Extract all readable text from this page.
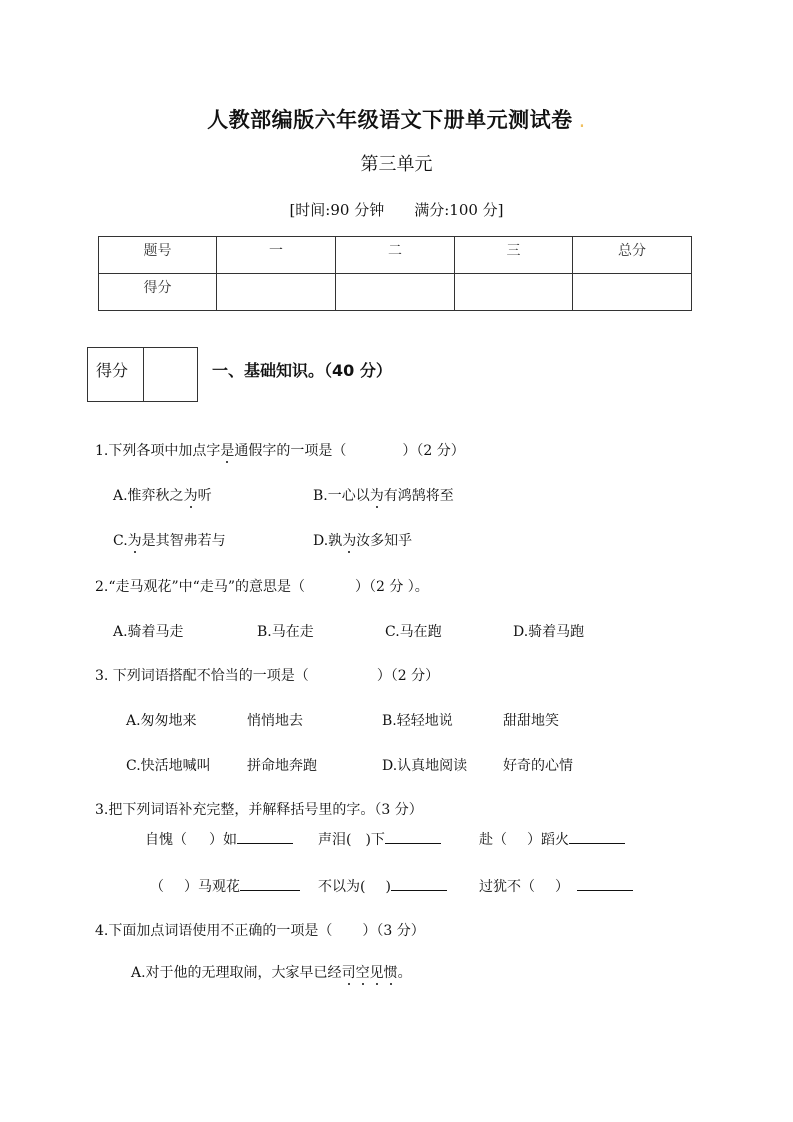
人教部编版六年级语文下册单元测试卷 .
第三单元
[时间:90 分钟 满分:100 分]
题号	一	二	三	总分
得分				
得分	一、基础知识。（40 分）
1.下列各项中加点字是通假字的一项是（	）（2 分）
A.惟弈秋之为听	B.一心以为有鸿鹄将至
C.为是其智弗若与	D.孰为汝多知乎
2.“走马观花”中“走马”的意思是（	）（2 分 ）。
A.骑着马走	B.马在走	C.马在跑	D.骑着马跑
3. 下列词语搭配不恰当的一项是（	）（2 分）
A.匆匆地来	悄悄地去	B.轻轻地说	甜甜地笑
C.快活地喊叫	拼命地奔跑	D.认真地阅读	好奇的心情
3.把下列词语补充完整，并解释括号里的字。（3 分）
自愧（ ）如	声泪( )下	赴（ ）蹈火
（ ）马观花	不以为( )	过犹不（ ）
4.下面加点词语使用不正确的一项是（ ）（3 分）
A.对于他的无理取闹，大家早已经司空见惯。
